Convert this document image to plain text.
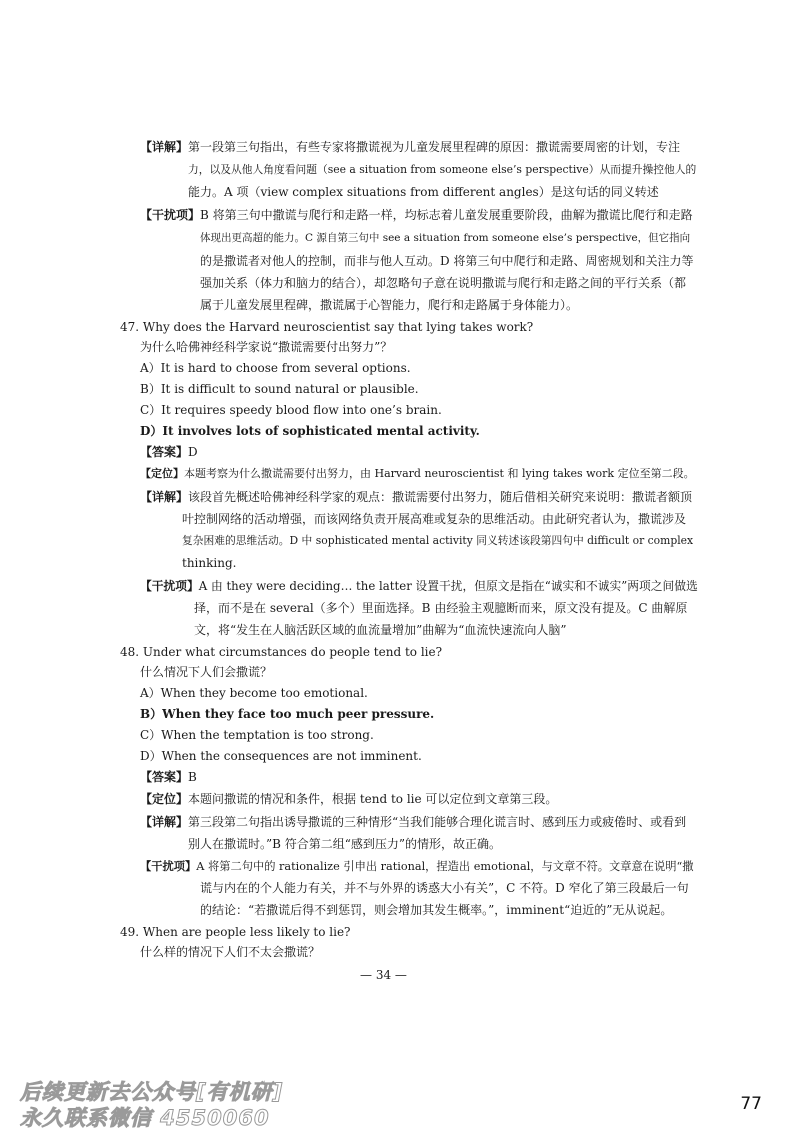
【详解】第一段第三句指出，有些专家将撒谎视为儿童发展里程碑的原因：撒谎需要周密的计划，专注
力，以及从他人角度看问题（see a situation from someone else’s perspective）从而提升操控他人的
能力。A 项（view complex situations from different angles）是这句话的同义转述
【干扰项】B 将第三句中撒谎与爬行和走路一样，均标志着儿童发展重要阶段，曲解为撒谎比爬行和走路
体现出更高超的能力。C 源自第三句中 see a situation from someone else’s perspective，但它指向
的是撒谎者对他人的控制，而非与他人互动。D 将第三句中爬行和走路、周密规划和关注力等
强加关系（体力和脑力的结合），却忽略句子意在说明撒谎与爬行和走路之间的平行关系（都
属于儿童发展里程碑，撒谎属于心智能力，爬行和走路属于身体能力）。
47. Why does the Harvard neuroscientist say that lying takes work?
为什么哈佛神经科学家说“撒谎需要付出努力”？
A）It is hard to choose from several options.
B）It is difficult to sound natural or plausible.
C）It requires speedy blood flow into one’s brain.
D）It involves lots of sophisticated mental activity.
【答案】D
【定位】本题考察为什么撒谎需要付出努力，由 Harvard neuroscientist 和 lying takes work 定位至第二段。
【详解】该段首先概述哈佛神经科学家的观点：撒谎需要付出努力，随后借相关研究来说明：撒谎者额顶
叶控制网络的活动增强，而该网络负责开展高难或复杂的思维活动。由此研究者认为，撒谎涉及
复杂困难的思维活动。D 中 sophisticated mental activity 同义转述该段第四句中 difficult or complex
thinking.
【干扰项】A 由 they were deciding… the latter 设置干扰，但原文是指在“诚实和不诚实”两项之间做选
择，而不是在 several（多个）里面选择。B 由经验主观臆断而来，原文没有提及。C 曲解原
文，将“发生在人脑活跃区域的血流量增加”曲解为“血流快速流向人脑”
48. Under what circumstances do people tend to lie?
什么情况下人们会撒谎？
A）When they become too emotional.
B）When they face too much peer pressure.
C）When the temptation is too strong.
D）When the consequences are not imminent.
【答案】B
【定位】本题问撒谎的情况和条件，根据 tend to lie 可以定位到文章第三段。
【详解】第三段第二句指出诱导撒谎的三种情形“当我们能够合理化谎言时、感到压力或疲倦时、或看到
别人在撒谎时。”B 符合第二组“感到压力”的情形，故正确。
【干扰项】A 将第二句中的 rationalize 引申出 rational，捏造出 emotional，与文章不符。文章意在说明“撒
谎与内在的个人能力有关，并不与外界的诱惑大小有关”，C 不符。D 窄化了第三段最后一句
的结论：“若撒谎后得不到惩罚，则会增加其发生概率。”，imminent“迫近的”无从说起。
49. When are people less likely to lie?
什么样的情况下人们不太会撒谎？
— 34 —
后续更新去公众号[有机研]
永久联系微信 4550060
77
